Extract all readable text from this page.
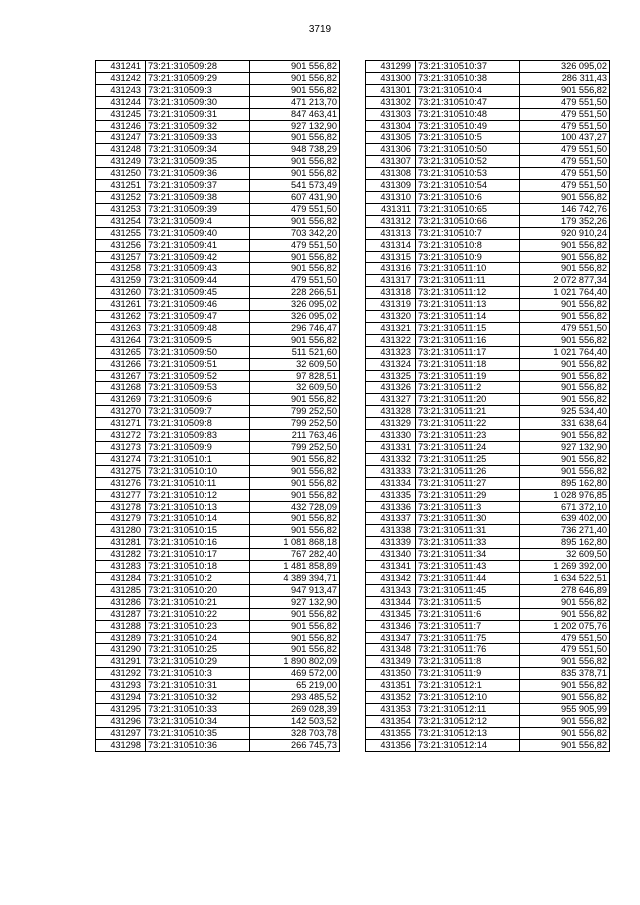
3719
431241	73:21:310509:28	901 556,82
431242	73:21:310509:29	901 556,82
431243	73:21:310509:3	901 556,82
431244	73:21:310509:30	471 213,70
431245	73:21:310509:31	847 463,41
431246	73:21:310509:32	927 132,90
431247	73:21:310509:33	901 556,82
431248	73:21:310509:34	948 738,29
431249	73:21:310509:35	901 556,82
431250	73:21:310509:36	901 556,82
431251	73:21:310509:37	541 573,49
431252	73:21:310509:38	607 431,90
431253	73:21:310509:39	479 551,50
431254	73:21:310509:4	901 556,82
431255	73:21:310509:40	703 342,20
431256	73:21:310509:41	479 551,50
431257	73:21:310509:42	901 556,82
431258	73:21:310509:43	901 556,82
431259	73:21:310509:44	479 551,50
431260	73:21:310509:45	228 266,51
431261	73:21:310509:46	326 095,02
431262	73:21:310509:47	326 095,02
431263	73:21:310509:48	296 746,47
431264	73:21:310509:5	901 556,82
431265	73:21:310509:50	511 521,60
431266	73:21:310509:51	32 609,50
431267	73:21:310509:52	97 828,51
431268	73:21:310509:53	32 609,50
431269	73:21:310509:6	901 556,82
431270	73:21:310509:7	799 252,50
431271	73:21:310509:8	799 252,50
431272	73:21:310509:83	211 763,46
431273	73:21:310509:9	799 252,50
431274	73:21:310510:1	901 556,82
431275	73:21:310510:10	901 556,82
431276	73:21:310510:11	901 556,82
431277	73:21:310510:12	901 556,82
431278	73:21:310510:13	432 728,09
431279	73:21:310510:14	901 556,82
431280	73:21:310510:15	901 556,82
431281	73:21:310510:16	1 081 868,18
431282	73:21:310510:17	767 282,40
431283	73:21:310510:18	1 481 858,89
431284	73:21:310510:2	4 389 394,71
431285	73:21:310510:20	947 913,47
431286	73:21:310510:21	927 132,90
431287	73:21:310510:22	901 556,82
431288	73:21:310510:23	901 556,82
431289	73:21:310510:24	901 556,82
431290	73:21:310510:25	901 556,82
431291	73:21:310510:29	1 890 802,09
431292	73:21:310510:3	469 572,00
431293	73:21:310510:31	65 219,00
431294	73:21:310510:32	293 485,52
431295	73:21:310510:33	269 028,39
431296	73:21:310510:34	142 503,52
431297	73:21:310510:35	328 703,78
431298	73:21:310510:36	266 745,73
431299	73:21:310510:37	326 095,02
431300	73:21:310510:38	286 311,43
431301	73:21:310510:4	901 556,82
431302	73:21:310510:47	479 551,50
431303	73:21:310510:48	479 551,50
431304	73:21:310510:49	479 551,50
431305	73:21:310510:5	100 437,27
431306	73:21:310510:50	479 551,50
431307	73:21:310510:52	479 551,50
431308	73:21:310510:53	479 551,50
431309	73:21:310510:54	479 551,50
431310	73:21:310510:6	901 556,82
431311	73:21:310510:65	146 742,76
431312	73:21:310510:66	179 352,26
431313	73:21:310510:7	920 910,24
431314	73:21:310510:8	901 556,82
431315	73:21:310510:9	901 556,82
431316	73:21:310511:10	901 556,82
431317	73:21:310511:11	2 072 877,34
431318	73:21:310511:12	1 021 764,40
431319	73:21:310511:13	901 556,82
431320	73:21:310511:14	901 556,82
431321	73:21:310511:15	479 551,50
431322	73:21:310511:16	901 556,82
431323	73:21:310511:17	1 021 764,40
431324	73:21:310511:18	901 556,82
431325	73:21:310511:19	901 556,82
431326	73:21:310511:2	901 556,82
431327	73:21:310511:20	901 556,82
431328	73:21:310511:21	925 534,40
431329	73:21:310511:22	331 638,64
431330	73:21:310511:23	901 556,82
431331	73:21:310511:24	927 132,90
431332	73:21:310511:25	901 556,82
431333	73:21:310511:26	901 556,82
431334	73:21:310511:27	895 162,80
431335	73:21:310511:29	1 028 976,85
431336	73:21:310511:3	671 372,10
431337	73:21:310511:30	639 402,00
431338	73:21:310511:31	736 271,40
431339	73:21:310511:33	895 162,80
431340	73:21:310511:34	32 609,50
431341	73:21:310511:43	1 269 392,00
431342	73:21:310511:44	1 634 522,51
431343	73:21:310511:45	278 646,89
431344	73:21:310511:5	901 556,82
431345	73:21:310511:6	901 556,82
431346	73:21:310511:7	1 202 075,76
431347	73:21:310511:75	479 551,50
431348	73:21:310511:76	479 551,50
431349	73:21:310511:8	901 556,82
431350	73:21:310511:9	835 378,71
431351	73:21:310512:1	901 556,82
431352	73:21:310512:10	901 556,82
431353	73:21:310512:11	955 905,99
431354	73:21:310512:12	901 556,82
431355	73:21:310512:13	901 556,82
431356	73:21:310512:14	901 556,82
